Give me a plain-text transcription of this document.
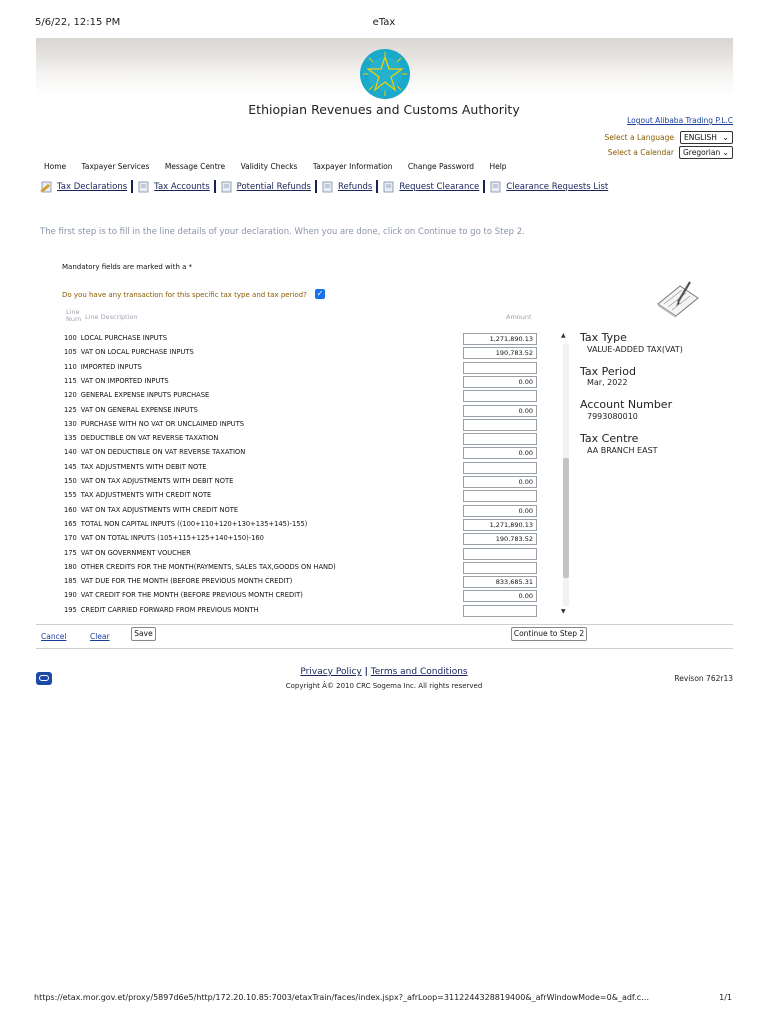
5/6/22, 12:15 PM	eTax
Ethiopian Revenues and Customs Authority
Logout Alibaba Trading P.L.C
Select a Language	ENGLISH ⌄
Select a Calendar	Gregorian ⌄
Home Taxpayer Services Message Centre Validity Checks Taxpayer Information Change Password Help
Tax Declarations	Tax Accounts	Potential Refunds	Refunds	Request Clearance	Clearance Requests List
The first step is to fill in the line details of your declaration. When you are done, click on Continue to go to Step 2.
Mandatory fields are marked with a *
Do you have any transaction for this specific tax type and tax period? ✓
Line Num Line Description	Amount
100 LOCAL PURCHASE INPUTS	1,271,890.13
105 VAT ON LOCAL PURCHASE INPUTS	190,783.52
110 IMPORTED INPUTS
115 VAT ON IMPORTED INPUTS	0.00
120 GENERAL EXPENSE INPUTS PURCHASE
125 VAT ON GENERAL EXPENSE INPUTS	0.00
130 PURCHASE WITH NO VAT OR UNCLAIMED INPUTS
135 DEDUCTIBLE ON VAT REVERSE TAXATION
140 VAT ON DEDUCTIBLE ON VAT REVERSE TAXATION	0.00
145 TAX ADJUSTMENTS WITH DEBIT NOTE
150 VAT ON TAX ADJUSTMENTS WITH DEBIT NOTE	0.00
155 TAX ADJUSTMENTS WITH CREDIT NOTE
160 VAT ON TAX ADJUSTMENTS WITH CREDIT NOTE	0.00
165 TOTAL NON CAPITAL INPUTS ((100+110+120+130+135+145)-155)	1,271,890.13
170 VAT ON TOTAL INPUTS (105+115+125+140+150)-160	190,783.52
175 VAT ON GOVERNMENT VOUCHER
180 OTHER CREDITS FOR THE MONTH(PAYMENTS, SALES TAX,GOODS ON HAND)
185 VAT DUE FOR THE MONTH (BEFORE PREVIOUS MONTH CREDIT)	833,685.31
190 VAT CREDIT FOR THE MONTH (BEFORE PREVIOUS MONTH CREDIT)	0.00
195 CREDIT CARRIED FORWARD FROM PREVIOUS MONTH
▲
▼
Tax Type
VALUE-ADDED TAX(VAT)
Tax Period
Mar, 2022
Account Number
7993080010
Tax Centre
AA BRANCH EAST
Cancel	Clear	Save	Continue to Step 2
Privacy Policy | Terms and Conditions
Copyright Â© 2010 CRC Sogema Inc. All rights reserved
Revison 762r13
https://etax.mor.gov.et/proxy/5897d6e5/http/172.20.10.85:7003/etaxTrain/faces/index.jspx?_afrLoop=3112244328819400&_afrWindowMode=0&_adf.c…	1/1
